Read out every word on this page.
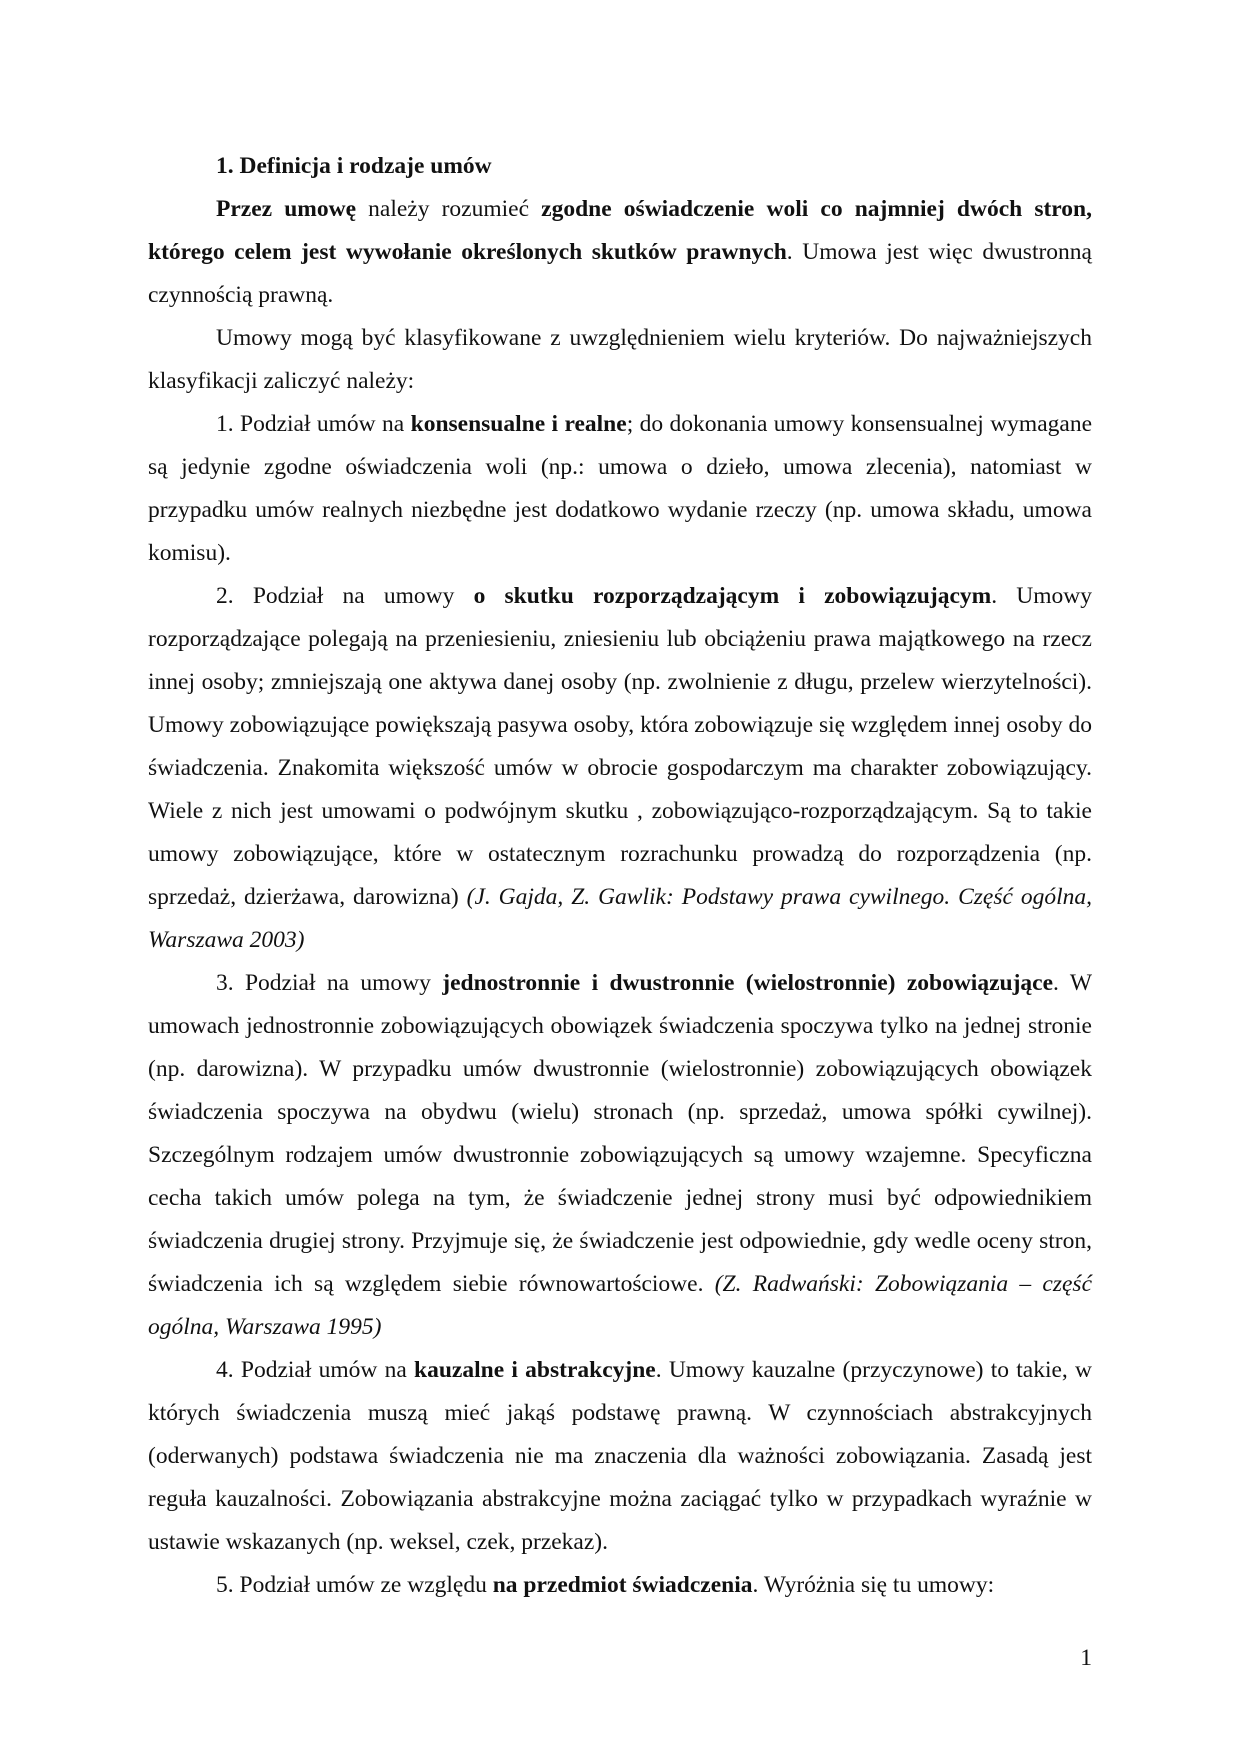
1. Definicja i rodzaje umów

Przez umowę należy rozumieć zgodne oświadczenie woli co najmniej dwóch stron, którego celem jest wywołanie określonych skutków prawnych. Umowa jest więc dwustronną czynnością prawną.

Umowy mogą być klasyfikowane z uwzględnieniem wielu kryteriów. Do najważniejszych klasyfikacji zaliczyć należy:

1. Podział umów na konsensualne i realne; do dokonania umowy konsensualnej wymagane są jedynie zgodne oświadczenia woli (np.: umowa o dzieło, umowa zlecenia), natomiast w przypadku umów realnych niezbędne jest dodatkowo wydanie rzeczy (np. umowa składu, umowa komisu).

2. Podział na umowy o skutku rozporządzającym i zobowiązującym. Umowy rozporządzające polegają na przeniesieniu, zniesieniu lub obciążeniu prawa majątkowego na rzecz innej osoby; zmniejszają one aktywa danej osoby (np. zwolnienie z długu, przelew wierzytelności). Umowy zobowiązujące powiększają pasywa osoby, która zobowiązuje się względem innej osoby do świadczenia. Znakomita większość umów w obrocie gospodarczym ma charakter zobowiązujący. Wiele z nich jest umowami o podwójnym skutku , zobowiązująco-rozporządzającym. Są to takie umowy zobowiązujące, które w ostatecznym rozrachunku prowadzą do rozporządzenia (np. sprzedaż, dzierżawa, darowizna) (J. Gajda, Z. Gawlik: Podstawy prawa cywilnego. Część ogólna, Warszawa 2003)

3. Podział na umowy jednostronnie i dwustronnie (wielostronnie) zobowiązujące. W umowach jednostronnie zobowiązujących obowiązek świadczenia spoczywa tylko na jednej stronie (np. darowizna). W przypadku umów dwustronnie (wielostronnie) zobowiązujących obowiązek świadczenia spoczywa na obydwu (wielu) stronach (np. sprzedaż, umowa spółki cywilnej). Szczególnym rodzajem umów dwustronnie zobowiązujących są umowy wzajemne. Specyficzna cecha takich umów polega na tym, że świadczenie jednej strony musi być odpowiednikiem świadczenia drugiej strony. Przyjmuje się, że świadczenie jest odpowiednie, gdy wedle oceny stron, świadczenia ich są względem siebie równowartościowe. (Z. Radwański: Zobowiązania – część ogólna, Warszawa 1995)

4. Podział umów na kauzalne i abstrakcyjne. Umowy kauzalne (przyczynowe) to takie, w których świadczenia muszą mieć jakąś podstawę prawną. W czynnościach abstrakcyjnych (oderwanych) podstawa świadczenia nie ma znaczenia dla ważności zobowiązania. Zasadą jest reguła kauzalności. Zobowiązania abstrakcyjne można zaciągać tylko w przypadkach wyraźnie w ustawie wskazanych (np. weksel, czek, przekaz).

5. Podział umów ze względu na przedmiot świadczenia. Wyróżnia się tu umowy:

1
